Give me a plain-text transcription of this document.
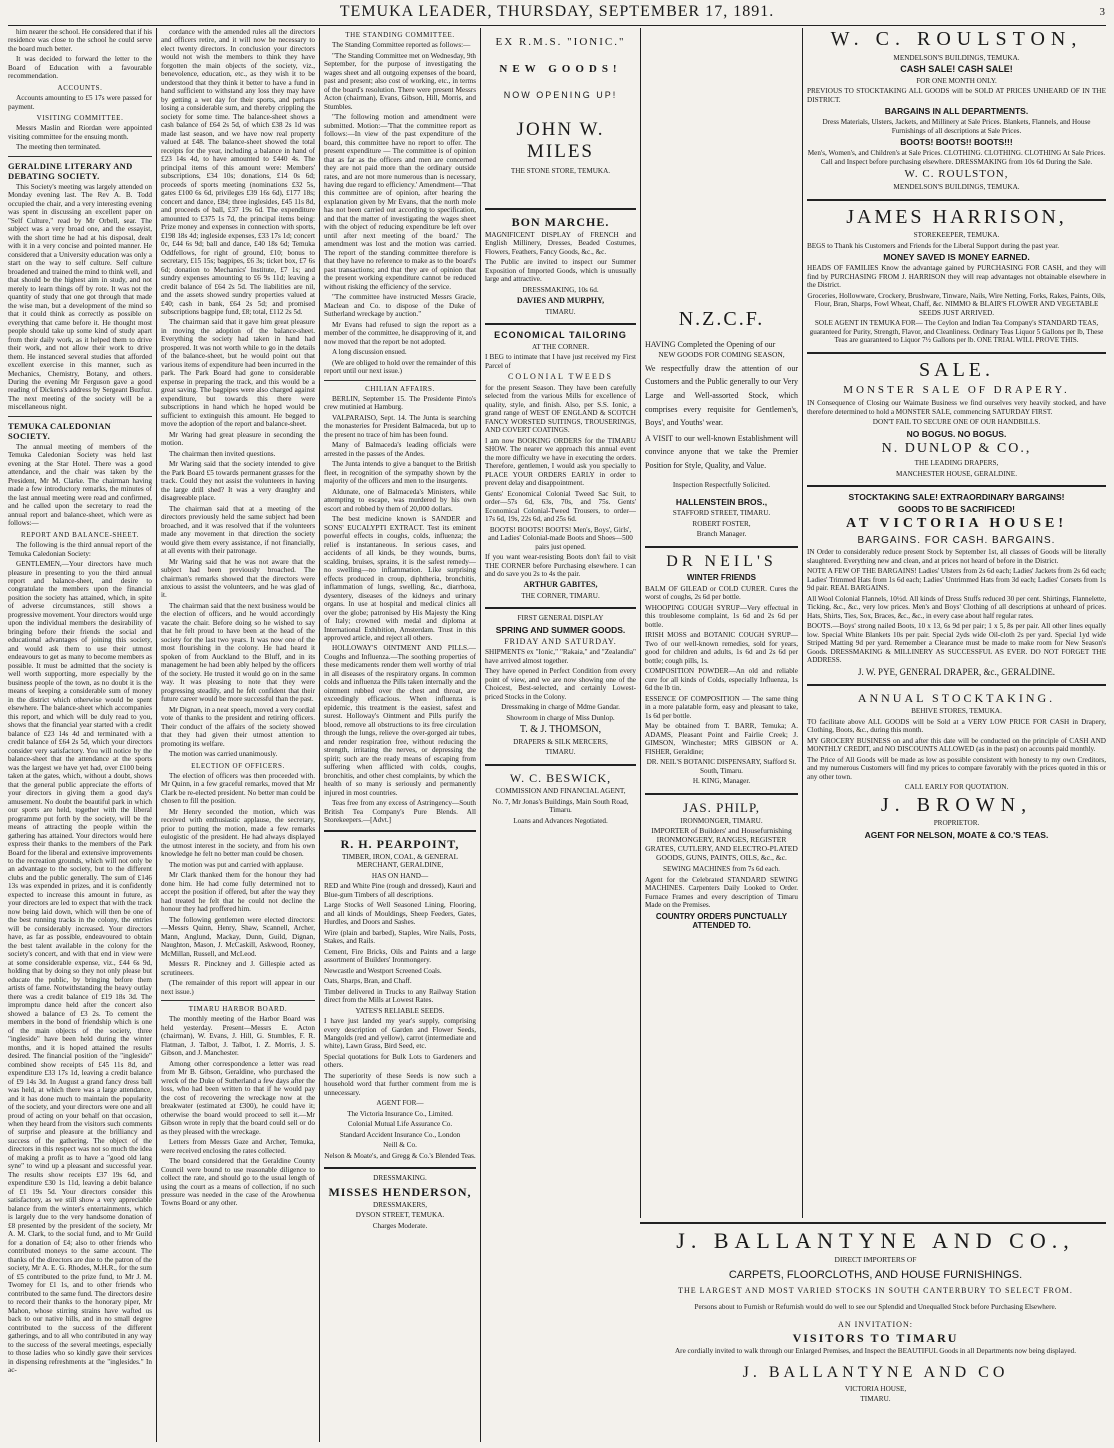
TEMUKA LEADER, THURSDAY, SEPTEMBER 17, 1891.	3

him nearer the school. He considered that if his residence was close to the school he could serve the board much better.

It was decided to forward the letter to the Board of Education with a favourable recommendation.

ACCOUNTS.

Accounts amounting to £5 17s were passed for payment.

VISITING COMMITTEE.

Messrs Maslin and Riordan were appointed visiting committee for the ensuing month.

The meeting then terminated.

GERALDINE LITERARY AND DEBATING SOCIETY.

This Society's meeting was largely attended on Monday evening last. The Rev A. B. Todd occupied the chair, and a very interesting evening was spent in discussing an excellent paper on "Self Culture," read by Mr Orbell, sear. The subject was a very broad one, and the essayist, with the short time he had at his disposal, dealt with it in a very concise and pointed manner. He considered that a University education was only a start on the way to self culture. Self culture broadened and trained the mind to think well, and that should be the highest aim in study, and not merely to learn things off by rote. It was not the quantity of study that one got through that made the wise man, but a development of the mind so that it could think as correctly as possible on everything that came before it. He thought most people should take up some kind of study apart from their daily work, as it helped them to drive their work, and not allow their work to drive them. He instanced several studies that afforded excellent exercise in this manner, such as Mechanics, Chemistry, Botany, and others. During the evening Mr Ferguson gave a good reading of Dickens's address by Sergeant Buzfuz. The next meeting of the society will be a miscellaneous night.

TEMUKA CALEDONIAN SOCIETY.

The annual meeting of members of the Temuka Caledonian Society was held last evening at the Star Hotel. There was a good attendance, and the chair was taken by the President, Mr M. Clarke. The chairman having made a few introductory remarks, the minutes of the last annual meeting were read and confirmed, and he called upon the secretary to read the annual report and balance-sheet, which were as follows:—

REPORT AND BALANCE-SHEET.

The following is the third annual report of the Temuka Caledonian Society:

GENTLEMEN,—Your directors have much pleasure in presenting to you the third annual report and balance-sheet, and desire to congratulate the members upon the financial position the society has attained, which, in spite of adverse circumstances, still shows a progressive movement. Your directors would urge upon the individual members the desirability of bringing before their friends the social and educational advantages of joining this society, and would ask them to use their utmost endeavours to get as many to become members as possible. It must be admitted that the society is well worth supporting, more especially by the business people of the town, as no doubt it is the means of keeping a considerable sum of money in the district which otherwise would be spent elsewhere. The balance-sheet which accompanies this report, and which will be duly read to you, shows that the financial year started with a credit balance of £23 14s 4d and terminated with a credit balance of £64 2s 5d, which your directors consider very satisfactory. You will notice by the balance-sheet that the attendance at the sports was the largest we have yet had, over £100 being taken at the gates, which, without a doubt, shows that the general public appreciate the efforts of your directors in giving them a good day's amusement. No doubt the beautiful park in which our sports are held, together with the liberal programme put forth by the society, will be the means of attracting the people within the gathering has attained. Your directors would here express their thanks to the members of the Park Board for the liberal and extensive improvements to the recreation grounds, which will not only be an advantage to the society, but to the different clubs and the public generally. The sum of £146 13s was expended in prizes, and it is confidently expected to increase this amount in future, as your directors are led to expect that with the track now being laid down, which will then be one of the best running tracks in the colony, the entries will be considerably increased. Your directors have, as far as possible, endeavoured to obtain the best talent available in the colony for the society's concert, and with that end in view were at some considerable expense, viz., £44 6s 9d, holding that by doing so they not only please but educate the public, by bringing before them artists of fame. Notwithstanding the heavy outlay there was a credit balance of £19 18s 3d. The impromptu dance held after the concert also showed a balance of £3 2s. To cement the members in the bond of friendship which is one of the main objects of the society, three "ingleside" have been held during the winter months, and it is hoped attained the results desired. The financial position of the "ingleside" combined show receipts of £45 11s 8d, and expenditure £33 17s 1d, leaving a credit balance of £9 14s 3d. In August a grand fancy dress ball was held, at which there was a large attendance, and it has done much to maintain the popularity of the society, and your directors were one and all proud of acting on your behalf on that occasion, when they heard from the visitors such comments of surprise and pleasure at the brilliancy and success of the gathering. The object of the directors in this respect was not so much the idea of making a profit as to have a "good old lang syne" to wind up a pleasant and successful year. The results show receipts £37 19s 6d, and expenditure £30 1s 11d, leaving a debit balance of £1 19s 5d. Your directors consider this satisfactory, as we still show a very appreciable balance from the winter's entertainments, which is largely due to the very handsome donation of £8 presented by the president of the society, Mr A. M. Clark, to the social fund, and to Mr Guild for a donation of £4; also to other friends who contributed moneys to the same account. The thanks of the directors are due to the patron of the society, Mr A. E. G. Rhodes, M.H.R., for the sum of £5 contributed to the prize fund, to Mr J. M. Twomey for £1 1s, and to other friends who contributed to the same fund. The directors desire to record their thanks to the honorary piper, Mr Mahon, whose stirring strains have wafted us back to our native hills, and in no small degree contributed to the success of the different gatherings, and to all who contributed in any way to the success of the several meetings, especially to those ladies who so kindly gave their services in dispensing refreshments at the "inglesides." In ac-

cordance with the amended rules all the directors and officers retire, and it will now be necessary to elect twenty directors. In conclusion your directors would not wish the members to think they have forgotten the main objects of the society, viz., benevolence, education, etc., as they wish it to be understood that they think it better to have a fund in hand sufficient to withstand any loss they may have by getting a wet day for their sports, and perhaps losing a considerable sum, and thereby crippling the society for some time. The balance-sheet shows a cash balance of £64 2s 5d, of which £38 2s 1d was made last season, and we have now real property valued at £48. The balance-sheet showed the total receipts for the year, including a balance in hand of £23 14s 4d, to have amounted to £440 4s. The principal items of this amount were: Members' subscriptions, £34 10s; donations, £14 0s 6d; proceeds of sports meeting (nominations £32 5s, gates £100 6s 6d, privileges £39 16s 6d), £177 18s; concert and dance, £84; three inglesides, £45 11s 8d, and proceeds of ball, £37 19s 6d. The expenditure amounted to £375 1s 7d, the principal items being: Prize money and expenses in connection with sports, £198 18s 4d; ingleside expenses, £33 17s 1d; concert 0c, £44 6s 9d; ball and dance, £40 18s 6d; Temuka Oddfellows, for right of ground, £10; bonus to secretary, £15 15s; bagpipes, £6 3s; ticket box, £7 6s 6d; donation to Mechanics' Institute, £7 1s; and sundry expenses amounting to £6 9s 11d; leaving a credit balance of £64 2s 5d. The liabilities are nil, and the assets showed sundry properties valued at £40; cash in bank, £64 2s 5d; and promised subscriptions bagpipe fund, £8; total, £112 2s 5d.

The chairman said that it gave him great pleasure in moving the adoption of the balance-sheet. Everything the society had taken in hand had prospered. It was not worth while to go in the details of the balance-sheet, but he would point out that various items of expenditure had been incurred in the park. The Park Board had gone to considerable expense in preparing the track, and this would be a great saving. The bagpipes were also charged against expenditure, but towards this there were subscriptions in hand which he hoped would be sufficient to extinguish this amount. He begged to move the adoption of the report and balance-sheet.

Mr Waring had great pleasure in seconding the motion.

The chairman then invited questions.

Mr Waring said that the society intended to give the Park Board £5 towards permanent grasses for the track. Could they not assist the volunteers in having the large drill shed? It was a very draughty and disagreeable place.

The chairman said that at a meeting of the directors previously held the same subject had been broached, and it was resolved that if the volunteers made any movement in that direction the society would give them every assistance, if not financially, at all events with their patronage.

Mr Waring said that he was not aware that the subject had been previously broached. The chairman's remarks showed that the directors were anxious to assist the volunteers, and he was glad of it.

The chairman said that the next business would be the election of officers, and he would accordingly vacate the chair. Before doing so he wished to say that he felt proud to have been at the head of the society for the last two years. It was now one of the most flourishing in the colony. He had heard it spoken of from Auckland to the Bluff, and in its management he had been ably helped by the officers of the society. He trusted it would go on in the same way. It was pleasing to note that they were progressing steadily, and he felt confident that their future career would be more successful than the past.

Mr Dignan, in a neat speech, moved a very cordial vote of thanks to the president and retiring officers. Their conduct of the affairs of the society showed that they had given their utmost attention to promoting its welfare.

The motion was carried unanimously.

ELECTION OF OFFICERS.

The election of officers was then proceeded with. Mr Quinn, in a few graceful remarks, moved that Mr Clark be re-elected president. No better man could be chosen to fill the position.

Mr Henry seconded the motion, which was received with enthusiastic applause, the secretary, prior to putting the motion, made a few remarks eulogistic of the president. He had always displayed the utmost interest in the society, and from his own knowledge he felt no better man could be chosen.

The motion was put and carried with applause.

Mr Clark thanked them for the honour they had done him. He had come fully determined not to accept the position if offered, but after the way they had treated he felt that he could not decline the honour they had proffered him.

The following gentlemen were elected directors:—Messrs Quinn, Henry, Shaw, Scannell, Archer, Mann, Anglund, Mackay, Dunn, Guild, Dignan, Naughton, Mason, J. McCaskill, Askwood, Rooney, McMillan, Russell, and McLeod.

Messrs R. Pinckney and J. Gillespie acted as scrutineers.

(The remainder of this report will appear in our next issue.)

TIMARU HARBOR BOARD.

The monthly meeting of the Harbor Board was held yesterday. Present—Messrs E. Acton (chairman), W. Evans, J. Hill, G. Stumbles, F. R. Flatman, J. Talbot, J. Talbot, I. Z. Morris, J. S. Gibson, and J. Manchester.

Among other correspondence a letter was read from Mr B. Gibson, Geraldine, who purchased the wreck of the Duke of Sutherland a few days after the loss, who had been written to that if he would pay the cost of recovering the wreckage now at the breakwater (estimated at £300), he could have it; otherwise the board would proceed to sell it.—Mr Gibson wrote in reply that the board could sell or do as they pleased with the wreckage.

Letters from Messrs Gaze and Archer, Temuka, were received enclosing the rates collected.

The board considered that the Geraldine County Council were bound to use reasonable diligence to collect the rate, and should go to the usual length of using the court as a means of collection, if no such pressure was needed in the case of the Arowhenua Towns Board or any other.

THE STANDING COMMITTEE.

The Standing Committee reported as follows:—

"The Standing Committee met on Wednesday, 9th September, for the purpose of investigating the wages sheet and all outgoing expenses of the board, past and present; also cost of working, etc., in terms of the board's resolution. There were present Messrs Acton (chairman), Evans, Gibson, Hill, Morris, and Stumbles.

"The following motion and amendment were submitted. Motion:—'That the committee report as follows:—In view of the past expenditure of the board, this committee have no report to offer. The present expenditure — The committee is of opinion that as far as the officers and men are concerned they are not paid more than the ordinary outside rates, and are not more numerous than is necessary, having due regard to efficiency.' Amendment—'That this committee are of opinion, after hearing the explanation given by Mr Evans, that the north mole has not been carried out according to specification, and that the matter of investigating the wages sheet with the object of reducing expenditure be left over until after next meeting of the board.' The amendment was lost and the motion was carried. The report of the standing committee therefore is that they have no reference to make as to the board's past transactions; and that they are of opinion that the present working expenditure cannot be reduced without risking the efficiency of the service.

"The committee have instructed Messrs Gracie, Maclean and Co. to dispose of the Duke of Sutherland wreckage by auction."

Mr Evans had refused to sign the report as a member of the committee, he disapproving of it, and now moved that the report be not adopted.

A long discussion ensued.

(We are obliged to hold over the remainder of this report until our next issue.)

CHILIAN AFFAIRS.

BERLIN, September 15. The Presidente Pinto's crew mutinied at Hamburg.

VALPARAISO, Sept. 14. The Junta is searching the monasteries for President Balmaceda, but up to the present no trace of him has been found.

Many of Balmaceda's leading officials were arrested in the passes of the Andes.

The Junta intends to give a banquet to the British fleet, in recognition of the sympathy shown by the majority of the officers and men to the insurgents.

Aldunate, one of Balmaceda's Ministers, while attempting to escape, was murdered by his own escort and robbed by them of 20,000 dollars.

The best medicine known is SANDER and SONS' EUCALYPTI EXTRACT. Test its eminent powerful effects in coughs, colds, influenza; the relief is instantaneous. In serious cases, and accidents of all kinds, be they wounds, burns, scalding, bruises, sprains, it is the safest remedy—no swelling—no inflammation. Like surprising effects produced in croup, diphtheria, bronchitis, inflammation of lungs, swelling, &c., diarrhoea, dysentery, diseases of the kidneys and urinary organs. In use at hospital and medical clinics all over the globe; patronised by His Majesty the King of Italy; crowned with medal and diploma at International Exhibition, Amsterdam. Trust in this approved article, and reject all others.

HOLLOWAY'S OINTMENT AND PILLS.—Coughs and Influenza.—The soothing properties of these medicaments render them well worthy of trial in all diseases of the respiratory organs. In common colds and influenza the Pills taken internally and the ointment rubbed over the chest and throat, are exceedingly efficacious. When influenza is epidemic, this treatment is the easiest, safest and surest. Holloway's Ointment and Pills purify the blood, remove all obstructions to its free circulation through the lungs, relieve the over-gorged air tubes, and render respiration free, without reducing the strength, irritating the nerves, or depressing the spirit; such are the ready means of escaping from suffering when afflicted with colds, coughs, bronchitis, and other chest complaints, by which the health of so many is seriously and permanently injured in most countries.

Teas free from any excess of Astringency—South British Tea Company's Pure Blends. All Storekeepers.—[Advt.]

R. H. PEARPOINT,

TIMBER, IRON, COAL, & GENERAL MERCHANT, GERALDINE,

HAS ON HAND—

RED and White Pine (rough and dressed), Kauri and Blue-gum Timbers of all descriptions.

Large Stocks of Well Seasoned Lining, Flooring, and all kinds of Mouldings, Sheep Feeders, Gates, Hurdles, and Doors and Sashes.

Wire (plain and barbed), Staples, Wire Nails, Posts, Stakes, and Rails.

Cement, Fire Bricks, Oils and Paints and a large assortment of Builders' Ironmongery.

Newcastle and Westport Screened Coals.

Oats, Sharps, Bran, and Chaff.

Timber delivered in Trucks to any Railway Station direct from the Mills at Lowest Rates.

YATES'S RELIABLE SEEDS.

I have just landed my year's supply, comprising every description of Garden and Flower Seeds, Mangolds (red and yellow), carrot (intermediate and white), Lawn Grass, Bird Seed, etc.

Special quotations for Bulk Lots to Gardeners and others.

The superiority of these Seeds is now such a household word that further comment from me is unnecessary.

AGENT FOR—

The Victoria Insurance Co., Limited.

Colonial Mutual Life Assurance Co.

Standard Accident Insurance Co., London

Neill & Co.

Nelson & Moate's, and Gregg & Co.'s Blended Teas.

DRESSMAKING.

MISSES HENDERSON,

DRESSMAKERS,

DYSON STREET, TEMUKA.

Charges Moderate.

EX R.M.S. "IONIC."

NEW GOODS!

NOW OPENING UP!

JOHN W. MILES

THE STONE STORE, TEMUKA.

BON MARCHE.

MAGNIFICENT DISPLAY of FRENCH and English Millinery, Dresses, Beaded Costumes, Flowers, Feathers, Fancy Goods, &c., &c.

The Public are invited to inspect our Summer Exposition of Imported Goods, which is unusually large and attractive.

DRESSMAKING, 10s 6d.

DAVIES AND MURPHY,

TIMARU.

ECONOMICAL TAILORING

AT THE CORNER.

I BEG to intimate that I have just received my First Parcel of

COLONIAL TWEEDS

for the present Season. They have been carefully selected from the various Mills for excellence of quality, style, and finish. Also, per S.S. Ionic, a grand range of WEST OF ENGLAND & SCOTCH FANCY WORSTED SUITINGS, TROUSERINGS, AND COVERT COATINGS.

I am now BOOKING ORDERS for the TIMARU SHOW. The nearer we approach this annual event the more difficulty we have in executing the orders. Therefore, gentlemen, I would ask you specially to PLACE YOUR ORDERS EARLY in order to prevent delay and disappointment.

Gents' Economical Colonial Tweed Sac Suit, to order—57s 6d, 63s, 70s, and 75s. Gents' Economical Colonial-Tweed Trousers, to order—17s 6d, 19s, 22s 6d, and 25s 6d.

BOOTS! BOOTS! BOOTS! Men's, Boys', Girls', and Ladies' Colonial-made Boots and Shoes—500 pairs just opened.

If you want wear-resisting Boots don't fail to visit THE CORNER before Purchasing elsewhere. I can and do save you 2s to 4s the pair.

ARTHUR GABITES,

THE CORNER, TIMARU.

FIRST GENERAL DISPLAY

SPRING AND SUMMER GOODS.

FRIDAY AND SATURDAY.

SHIPMENTS ex "Ionic," "Rakaia," and "Zealandia" have arrived almost together.

They have opened in Perfect Condition from every point of view, and we are now showing one of the Choicest, Best-selected, and certainly Lowest-priced Stocks in the Colony.

Dressmaking in charge of Mdme Gandar.

Showroom in charge of Miss Dunlop.

T. & J. THOMSON,

DRAPERS & SILK MERCERS,

TIMARU.

W. C. BESWICK,

COMMISSION AND FINANCIAL AGENT,

No. 7, Mr Jonas's Buildings, Main South Road, Timaru.

Loans and Advances Negotiated.

N.Z.C.F.

HAVING Completed the Opening of our

NEW GOODS FOR COMING SEASON,

We respectfully draw the attention of our Customers and the Public generally to our Very Large and Well-assorted Stock, which comprises every requisite for Gentlemen's, Boys', and Youths' wear.

A VISIT to our well-known Establishment will convince anyone that we take the Premier Position for Style, Quality, and Value.

Inspection Respectfully Solicited.

HALLENSTEIN BROS.,

STAFFORD STREET, TIMARU.

ROBERT FOSTER,

Branch Manager.

DR NEIL'S

WINTER FRIENDS

BALM OF GILEAD or COLD CURER. Cures the worst of coughs, 2s 6d per bottle.

WHOOPING COUGH SYRUP—Very effectual in this troublesome complaint, 1s 6d and 2s 6d per bottle.

IRISH MOSS and BOTANIC COUGH SYRUP—Two of our well-known remedies, sold for years, good for children and adults, 1s 6d and 2s 6d per bottle; cough pills, 1s.

COMPOSITION POWDER—An old and reliable cure for all kinds of Colds, especially Influenza, 1s 6d the lb tin.

ESSENCE OF COMPOSITION — The same thing in a more palatable form, easy and pleasant to take, 1s 6d per bottle.

May be obtained from T. BARR, Temuka; A. ADAMS, Pleasant Point and Fairlie Creek; J. GIMSON, Winchester; MRS GIBSON or A. FISHER, Geraldine;

DR. NEIL'S BOTANIC DISPENSARY, Stafford St. South, Timaru.

H. KING, Manager.

JAS. PHILP,

IRONMONGER, TIMARU.

IMPORTER of Builders' and Housefurnishing IRONMONGERY, RANGES, REGISTER GRATES, CUTLERY, AND ELECTRO-PLATED GOODS, GUNS, PAINTS, OILS, &c., &c.

SEWING MACHINES from 7s 6d each.

Agent for the Celebrated STANDARD SEWING MACHINES. Carpenters Daily Looked to Order. Furnace Frames and every description of Timaru Made on the Premises.

COUNTRY ORDERS PUNCTUALLY ATTENDED TO.

W. C. ROULSTON,

MENDELSON'S BUILDINGS, TEMUKA.

CASH SALE! CASH SALE!

FOR ONE MONTH ONLY.

PREVIOUS TO STOCKTAKING ALL GOODS will be SOLD AT PRICES UNHEARD OF IN THE DISTRICT.

BARGAINS IN ALL DEPARTMENTS.

Dress Materials, Ulsters, Jackets, and Millinery at Sale Prices. Blankets, Flannels, and House Furnishings of all descriptions at Sale Prices.

BOOTS! BOOTS!! BOOTS!!!

Men's, Women's, and Children's at Sale Prices. CLOTHING. CLOTHING. CLOTHING At Sale Prices. Call and Inspect before purchasing elsewhere. DRESSMAKING from 10s 6d During the Sale.

W. C. ROULSTON,

MENDELSON'S BUILDINGS, TEMUKA.

JAMES HARRISON,

STOREKEEPER, TEMUKA.

BEGS to Thank his Customers and Friends for the Liberal Support during the past year.

MONEY SAVED IS MONEY EARNED.

HEADS OF FAMILIES Know the advantage gained by PURCHASING FOR CASH, and they will find by PURCHASING FROM J. HARRISON they will reap advantages not obtainable elsewhere in the District.

Groceries, Hollowware, Crockery, Brushware, Tinware, Nails, Wire Netting, Forks, Rakes, Paints, Oils, Flour, Bran, Sharps, Fowl Wheat, Chaff, &c. NIMMO & BLAIR'S FLOWER AND VEGETABLE SEEDS JUST ARRIVED.

SOLE AGENT IN TEMUKA FOR— The Ceylon and Indian Tea Company's STANDARD TEAS, guaranteed for Purity, Strength, Flavor, and Cleanliness. Ordinary Teas Liquor 5 Gallons per lb, These Teas are guaranteed to Liquor 7½ Gallons per lb. ONE TRIAL WILL PROVE THIS.

SALE.

MONSTER SALE OF DRAPERY.

IN Consequence of Closing our Waimate Business we find ourselves very heavily stocked, and have therefore determined to hold a MONSTER SALE, commencing SATURDAY FIRST.

DON'T FAIL TO SECURE ONE OF OUR HANDBILLS.

NO BOGUS. NO BOGUS.

N. DUNLOP & CO.,

THE LEADING DRAPERS,

MANCHESTER HOUSE, GERALDINE.

STOCKTAKING SALE! EXTRAORDINARY BARGAINS!

GOODS TO BE SACRIFICED!

AT VICTORIA HOUSE!

BARGAINS. FOR CASH. BARGAINS.

IN Order to considerably reduce present Stock by September 1st, all classes of Goods will be literally slaughtered. Everything new and clean, and at prices not heard of before in the District.

NOTE A FEW OF THE BARGAINS! Ladies' Ulsters from 2s 6d each; Ladies' Jackets from 2s 6d each; Ladies' Trimmed Hats from 1s 6d each; Ladies' Untrimmed Hats from 3d each; Ladies' Corsets from 1s 9d pair. REAL BARGAINS.

All Wool Colonial Flannels, 10½d. All kinds of Dress Stuffs reduced 30 per cent. Shirtings, Flannelette, Ticking, &c., &c., very low prices. Men's and Boys' Clothing of all descriptions at unheard of prices. Hats, Shirts, Ties, Sox, Braces, &c., &c., in every case about half regular rates.

BOOTS.—Boys' strong nailed Boots, 10 x 13, 6s 9d per pair; 1 x 5, 8s per pair. All other lines equally low. Special White Blankets 10s per pair. Special 2yds wide Oil-cloth 2s per yard. Special 1yd wide Striped Matting 9d per yard. Remember a Clearance must be made to make room for New Season's Goods. DRESSMAKING & MILLINERY AS SUCCESSFUL AS EVER. DO NOT FORGET THE ADDRESS.

J. W. PYE, GENERAL DRAPER, &c., GERALDINE.

ANNUAL STOCKTAKING.

BEHIVE STORES, TEMUKA.

TO facilitate above ALL GOODS will be Sold at a VERY LOW PRICE FOR CASH in Drapery, Clothing, Boots, &c., during this month.

MY GROCERY BUSINESS on and after this date will be conducted on the principle of CASH AND MONTHLY CREDIT, and NO DISCOUNTS ALLOWED (as in the past) on accounts paid monthly.

The Price of All Goods will be made as low as possible consistent with honesty to my own Creditors, and my numerous Customers will find my prices to compare favorably with the prices quoted in this or any other town.

CALL EARLY FOR QUOTATION.

J. BROWN,

PROPRIETOR.

AGENT FOR NELSON, MOATE & CO.'S TEAS.

J. BALLANTYNE AND CO.,

DIRECT IMPORTERS OF

CARPETS, FLOORCLOTHS, AND HOUSE FURNISHINGS.

THE LARGEST AND MOST VARIED STOCKS IN SOUTH CANTERBURY TO SELECT FROM.

Persons about to Furnish or Refurnish would do well to see our Splendid and Unequalled Stock before Purchasing Elsewhere.

AN INVITATION:

VISITORS TO TIMARU

Are cordially invited to walk through our Enlarged Premises, and Inspect the BEAUTIFUL Goods in all Departments now being displayed.

J. BALLANTYNE AND CO

VICTORIA HOUSE,

TIMARU.
